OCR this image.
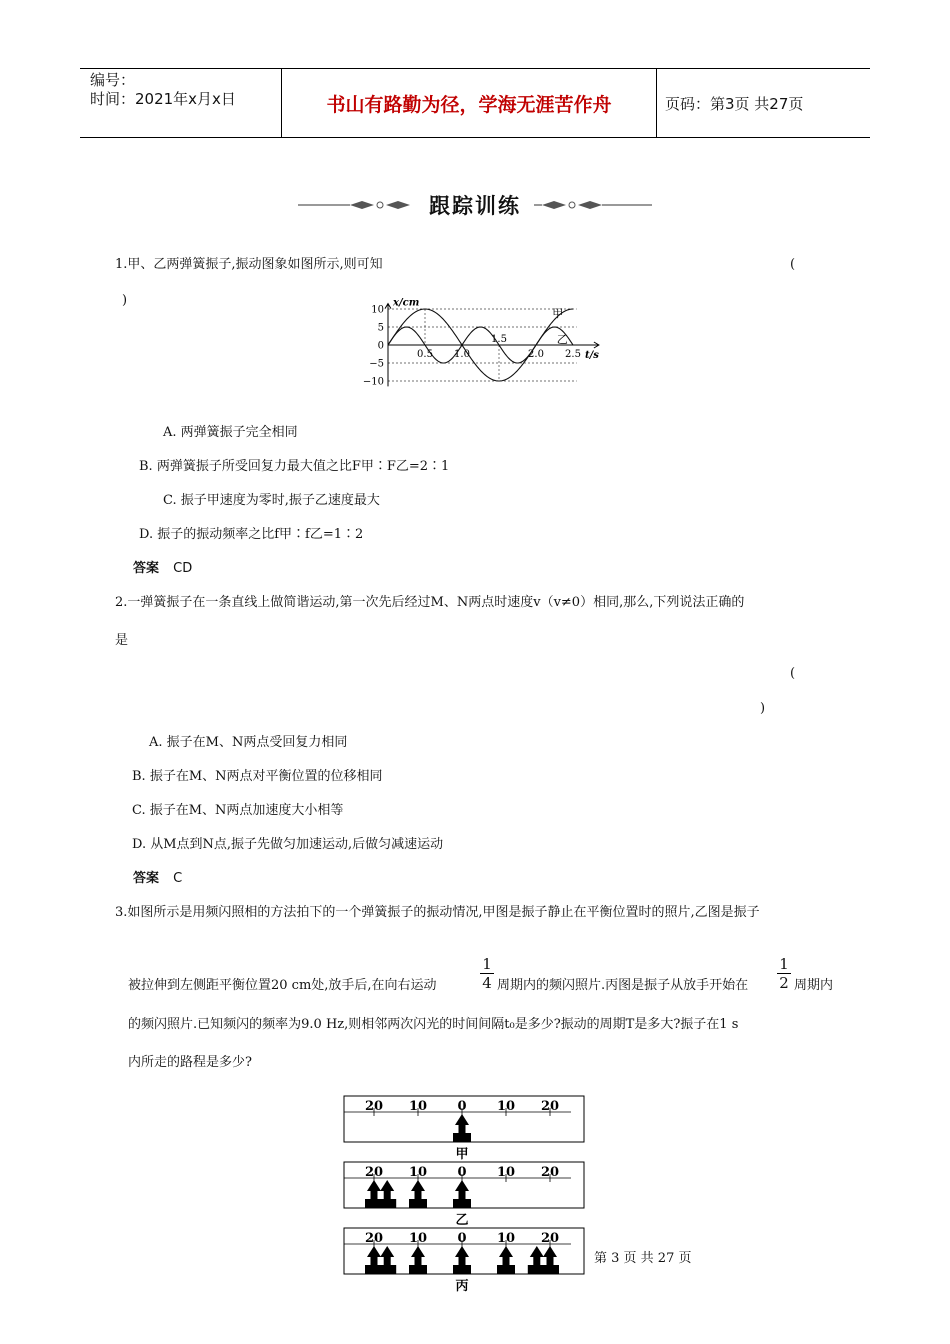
编号：
时间：2021年x月x日	书山有路勤为径，学海无涯苦作舟	页码：第3页 共27页
跟踪训练
1.甲、乙两弹簧振子,振动图象如图所示,则可知	(
)	x/cm
t/s
10
5
0
−5
−10
0.5 1.0
1.5
2.0 2.5
甲
乙
A. 两弹簧振子完全相同
B. 两弹簧振子所受回复力最大值之比F甲∶F乙=2∶1
C. 振子甲速度为零时,振子乙速度最大
D. 振子的振动频率之比f甲∶f乙=1∶2
答案 CD
2.一弹簧振子在一条直线上做简谐运动,第一次先后经过M、N两点时速度v（v≠0）相同,那么,下列说法正确的
是
(
)
A. 振子在M、N两点受回复力相同
B. 振子在M、N两点对平衡位置的位移相同
C. 振子在M、N两点加速度大小相等
D. 从M点到N点,振子先做匀加速运动,后做匀减速运动
答案 C
3.如图所示是用频闪照相的方法拍下的一个弹簧振子的振动情况,甲图是振子静止在平衡位置时的照片,乙图是振子
被拉伸到左侧距平衡位置20 cm处,放手后,在向右运动	$\frac{1}{4}$ 周期内的频闪照片.丙图是振子从放手开始在 $\frac{1}{2}$ 周期内
的频闪照片.已知频闪的频率为9.0 Hz,则相邻两次闪光的时间间隔t₀是多少?振动的周期T是多大?振子在1 s
内所走的路程是多少?
20 10 0 10 20
甲
20 10 0 10 20
乙
20 10 0 10 20
丙
第 3 页 共 27 页
